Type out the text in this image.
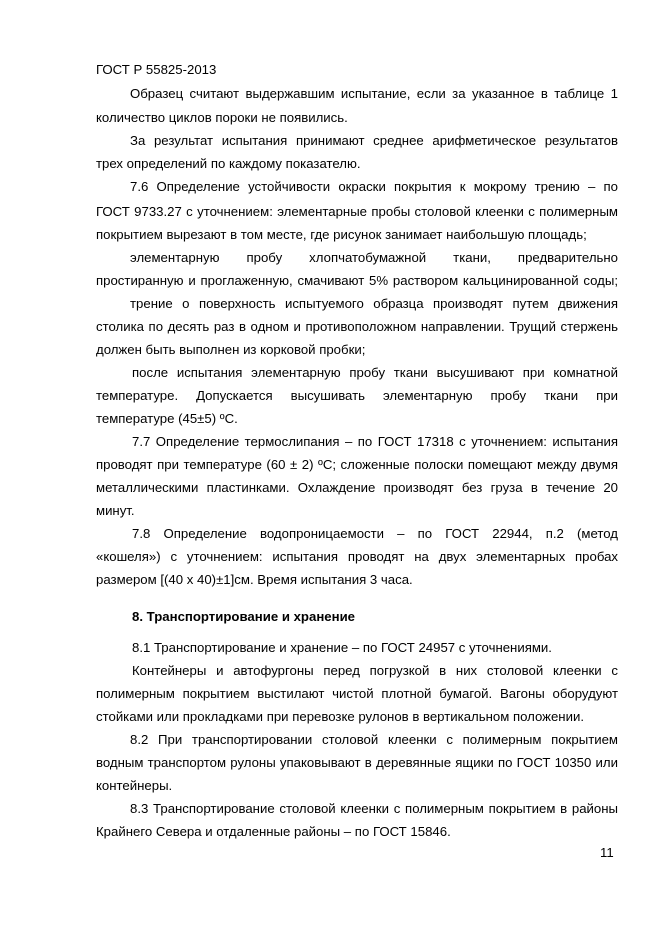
ГОСТ Р 55825-2013
Образец считают выдержавшим испытание, если за указанное в таблице 1
количество циклов пороки не появились.
За результат испытания принимают среднее арифметическое результатов
трех определений по каждому показателю.
7.6 Определение устойчивости окраски покрытия к мокрому трению – по
ГОСТ 9733.27 с уточнением: элементарные пробы столовой клеенки с полимерным
покрытием вырезают в том месте, где рисунок занимает наибольшую площадь;
элементарную пробу хлопчатобумажной ткани, предварительно
простиранную и проглаженную, смачивают 5% раствором кальцинированной соды;
трение о поверхность испытуемого образца производят путем движения
столика по десять раз в одном и противоположном направлении. Трущий стержень
должен быть выполнен из корковой пробки;
после испытания элементарную пробу ткани высушивают при комнатной
температуре. Допускается высушивать элементарную пробу ткани при
температуре (45±5) ºС.
7.7 Определение термослипания – по ГОСТ 17318 с уточнением: испытания
проводят при температуре (60 ± 2) ºС; сложенные полоски помещают между двумя
металлическими пластинками. Охлаждение производят без груза в течение 20
минут.
7.8 Определение водопроницаемости – по ГОСТ 22944, п.2 (метод
«кошеля») с уточнением: испытания проводят на двух элементарных пробах
размером [(40 х 40)±1]см. Время испытания 3 часа.
8. Транспортирование и хранение
8.1 Транспортирование и хранение – по ГОСТ 24957 с уточнениями.
Контейнеры и автофургоны перед погрузкой в них столовой клеенки с
полимерным покрытием выстилают чистой плотной бумагой. Вагоны оборудуют
стойками или прокладками при перевозке рулонов в вертикальном положении.
8.2 При транспортировании столовой клеенки с полимерным покрытием
водным транспортом рулоны упаковывают в деревянные ящики по ГОСТ 10350 или
контейнеры.
8.3 Транспортирование столовой клеенки с полимерным покрытием в районы
Крайнего Севера и отдаленные районы – по ГОСТ 15846.
11
